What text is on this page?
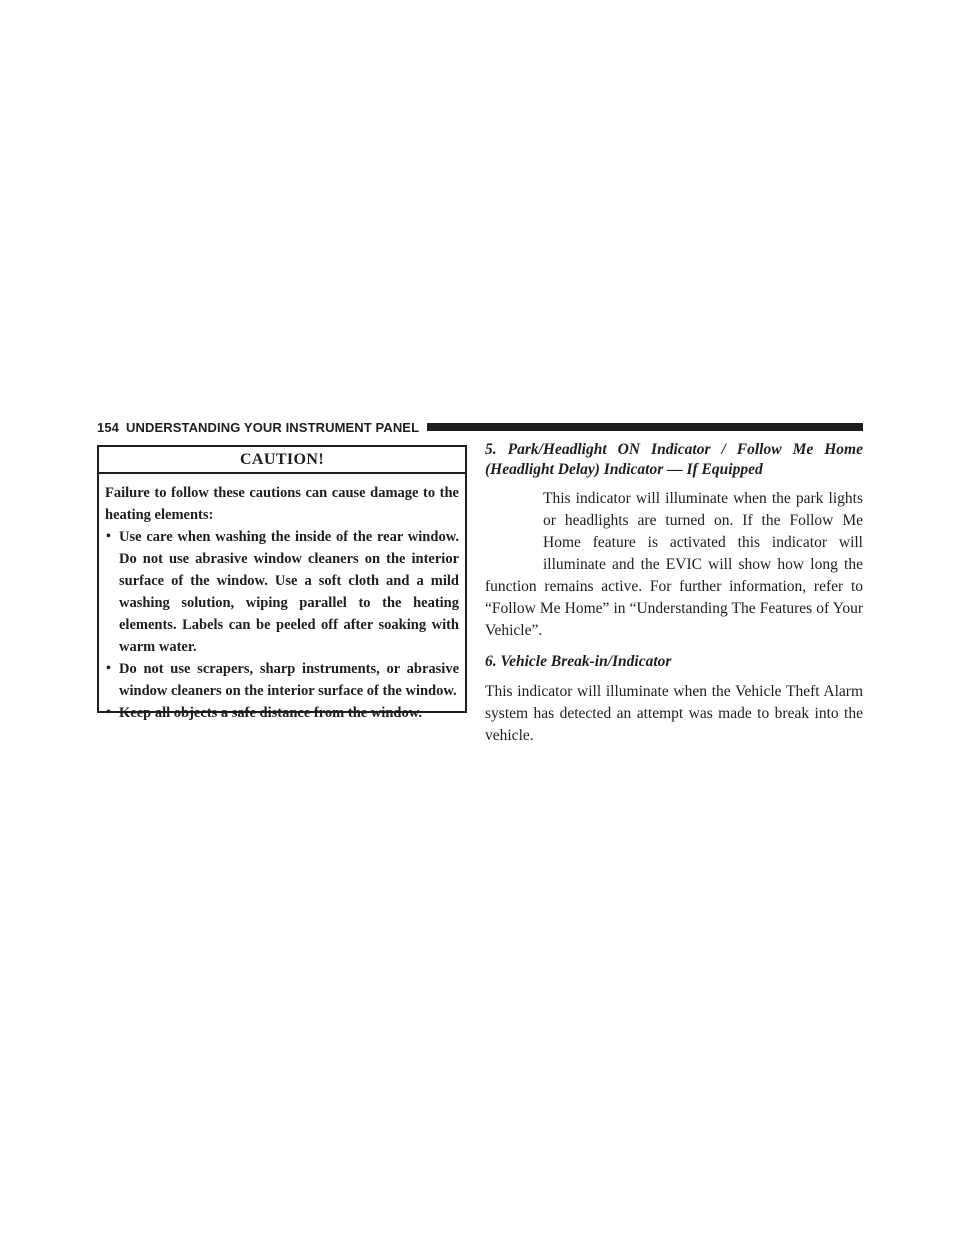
154 UNDERSTANDING YOUR INSTRUMENT PANEL
CAUTION!

Failure to follow these cautions can cause damage to the heating elements:

• Use care when washing the inside of the rear window. Do not use abrasive window cleaners on the interior surface of the window. Use a soft cloth and a mild washing solution, wiping parallel to the heating elements. Labels can be peeled off after soaking with warm water.

• Do not use scrapers, sharp instruments, or abrasive window cleaners on the interior surface of the window.

• Keep all objects a safe distance from the window.

5. Park/Headlight ON Indicator / Follow Me Home (Headlight Delay) Indicator — If Equipped

This indicator will illuminate when the park lights or headlights are turned on. If the Follow Me Home feature is activated this indicator will illuminate and the EVIC will show how long the function remains active. For further information, refer to “Follow Me Home” in “Understanding The Features of Your Vehicle”.

6. Vehicle Break-in/Indicator

This indicator will illuminate when the Vehicle Theft Alarm system has detected an attempt was made to break into the vehicle.
